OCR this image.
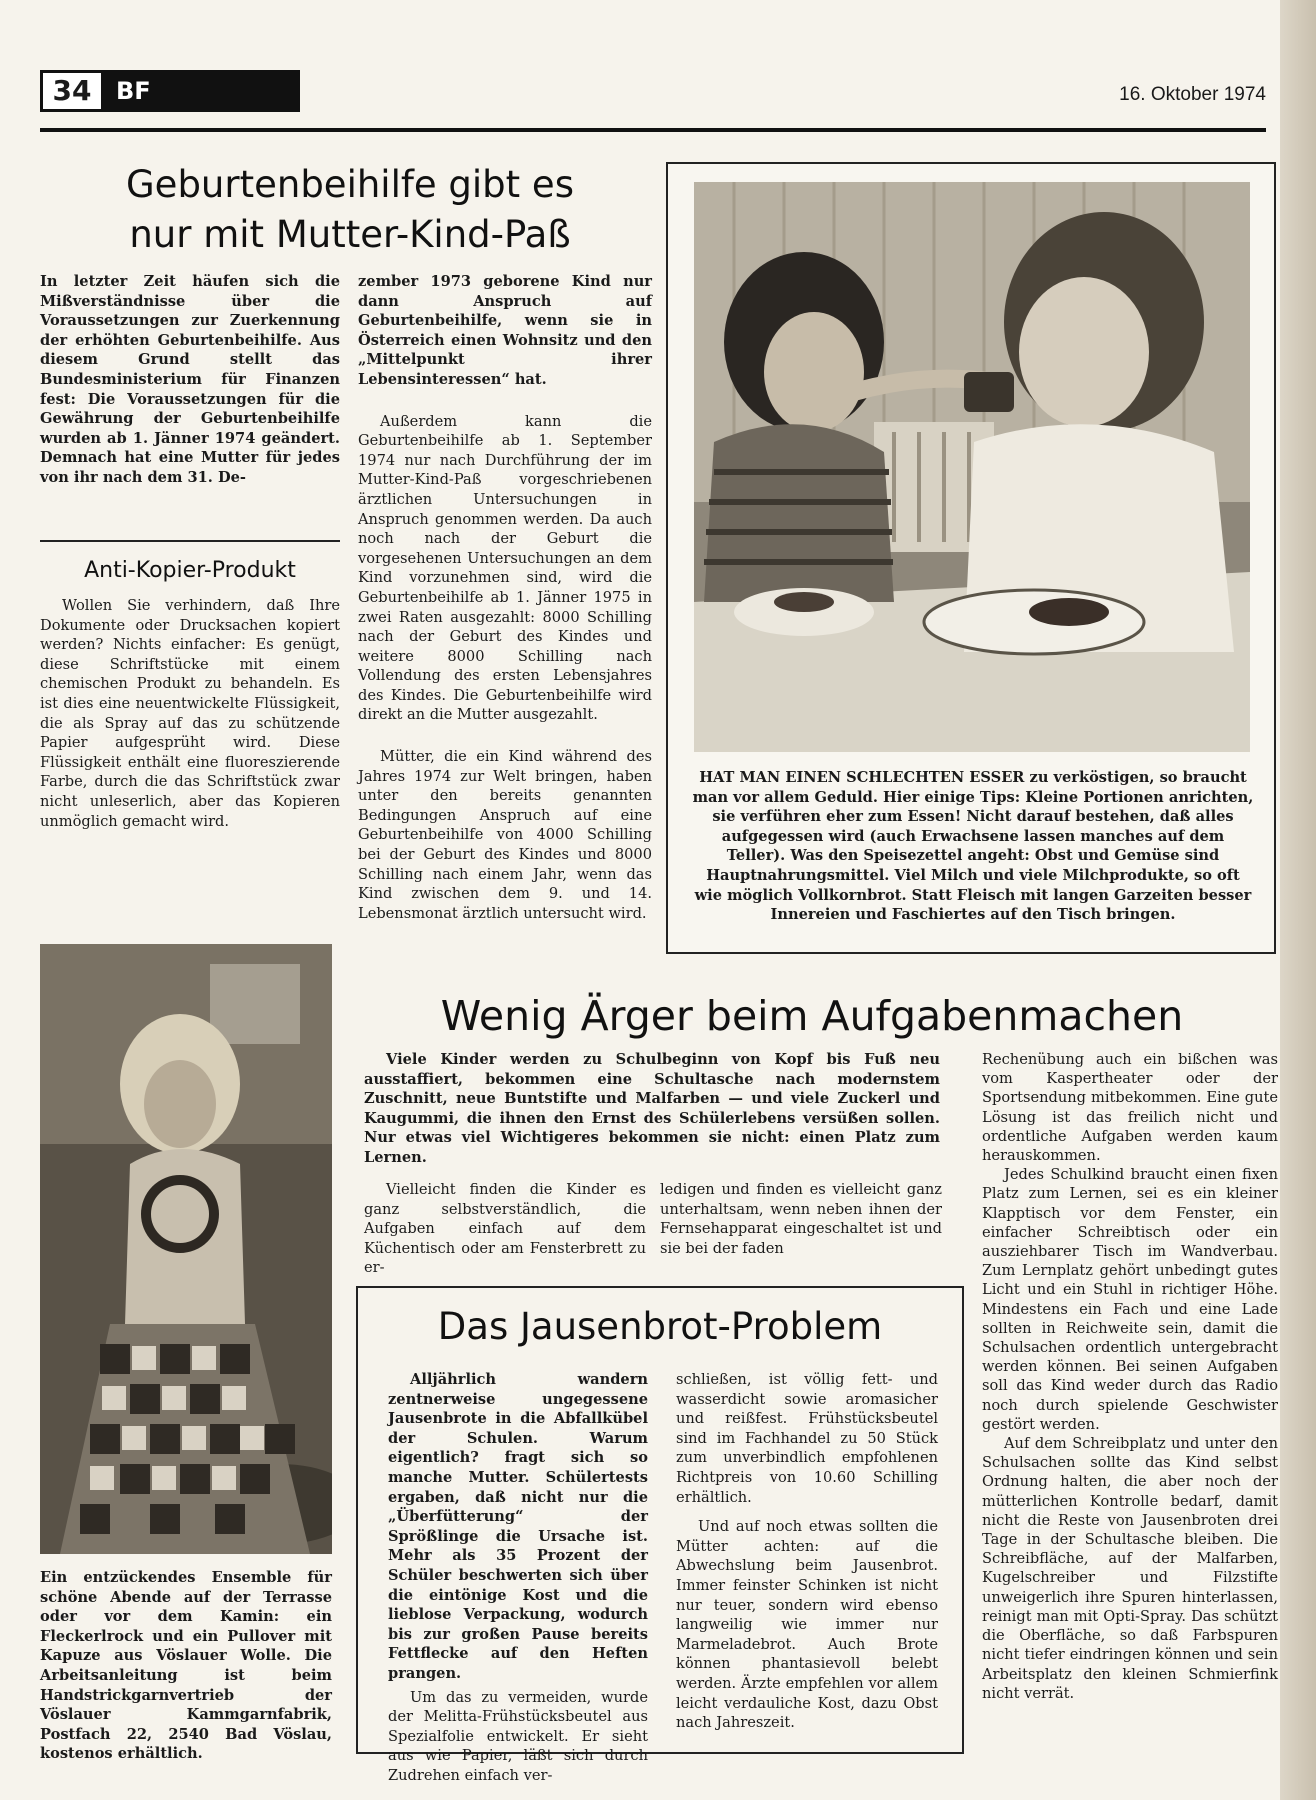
34	BF	16. Oktober 1974
Geburtenbeihilfe gibt es
nur mit Mutter-Kind-Paß
In letzter Zeit häufen sich die Mißverständnisse über die Voraussetzungen zur Zuerkennung der erhöhten Geburtenbeihilfe. Aus diesem Grund stellt das Bundesministerium für Finanzen fest: Die Voraussetzungen für die Gewährung der Geburtenbeihilfe wurden ab 1. Jänner 1974 geändert. Demnach hat eine Mutter für jedes von ihr nach dem 31. De-

zember 1973 geborene Kind nur dann Anspruch auf Geburtenbeihilfe, wenn sie in Österreich einen Wohnsitz und den „Mittelpunkt ihrer Lebensinteressen“ hat.

Außerdem kann die Geburtenbeihilfe ab 1. September 1974 nur nach Durchführung der im Mutter-Kind-Paß vorgeschriebenen ärztlichen Untersuchungen in Anspruch genommen werden. Da auch noch nach der Geburt die vorgesehenen Untersuchungen an dem Kind vorzunehmen sind, wird die Geburtenbeihilfe ab 1. Jänner 1975 in zwei Raten ausgezahlt: 8000 Schilling nach der Geburt des Kindes und weitere 8000 Schilling nach Vollendung des ersten Lebensjahres des Kindes. Die Geburtenbeihilfe wird direkt an die Mutter ausgezahlt.

Mütter, die ein Kind während des Jahres 1974 zur Welt bringen, haben unter den bereits genannten Bedingungen Anspruch auf eine Geburtenbeihilfe von 4000 Schilling bei der Geburt des Kindes und 8000 Schilling nach einem Jahr, wenn das Kind zwischen dem 9. und 14. Lebensmonat ärztlich untersucht wird.

Anti-Kopier-Produkt
Wollen Sie verhindern, daß Ihre Dokumente oder Drucksachen kopiert werden? Nichts einfacher: Es genügt, diese Schriftstücke mit einem chemischen Produkt zu behandeln. Es ist dies eine neuentwickelte Flüssigkeit, die als Spray auf das zu schützende Papier aufgesprüht wird. Diese Flüssigkeit enthält eine fluoreszierende Farbe, durch die das Schriftstück zwar nicht unleserlich, aber das Kopieren unmöglich gemacht wird.
HAT MAN EINEN SCHLECHTEN ESSER zu verköstigen, so braucht man vor allem Geduld. Hier einige Tips: Kleine Portionen anrichten, sie verführen eher zum Essen! Nicht darauf bestehen, daß alles aufgegessen wird (auch Erwachsene lassen manches auf dem Teller). Was den Speisezettel angeht: Obst und Gemüse sind Hauptnahrungsmittel. Viel Milch und viele Milchprodukte, so oft wie möglich Vollkornbrot. Statt Fleisch mit langen Garzeiten besser Innereien und Faschiertes auf den Tisch bringen.
Ein entzückendes Ensemble für schöne Abende auf der Terrasse oder vor dem Kamin: ein Fleckerlrock und ein Pullover mit Kapuze aus Vöslauer Wolle. Die Arbeitsanleitung ist beim Handstrickgarnvertrieb der Vöslauer Kammgarnfabrik, Postfach 22, 2540 Bad Vöslau, kostenos erhältlich.
Wenig Ärger beim Aufgabenmachen
Viele Kinder werden zu Schulbeginn von Kopf bis Fuß neu ausstaffiert, bekommen eine Schultasche nach modernstem Zuschnitt, neue Buntstifte und Malfarben — und viele Zuckerl und Kaugummi, die ihnen den Ernst des Schülerlebens versüßen sollen. Nur etwas viel Wichtigeres bekommen sie nicht: einen Platz zum Lernen.
Vielleicht finden die Kinder es ganz selbstverständlich, die Aufgaben einfach auf dem Küchentisch oder am Fensterbrett zu er-
ledigen und finden es vielleicht ganz unterhaltsam, wenn neben ihnen der Fernsehapparat eingeschaltet ist und sie bei der faden

Rechenübung auch ein bißchen was vom Kaspertheater oder der Sportsendung mitbekommen. Eine gute Lösung ist das freilich nicht und ordentliche Aufgaben werden kaum herauskommen.

Jedes Schulkind braucht einen fixen Platz zum Lernen, sei es ein kleiner Klapptisch vor dem Fenster, ein einfacher Schreibtisch oder ein ausziehbarer Tisch im Wandverbau. Zum Lernplatz gehört unbedingt gutes Licht und ein Stuhl in richtiger Höhe. Mindestens ein Fach und eine Lade sollten in Reichweite sein, damit die Schulsachen ordentlich untergebracht werden können. Bei seinen Aufgaben soll das Kind weder durch das Radio noch durch spielende Geschwister gestört werden.

Auf dem Schreibplatz und unter den Schulsachen sollte das Kind selbst Ordnung halten, die aber noch der mütterlichen Kontrolle bedarf, damit nicht die Reste von Jausenbroten drei Tage in der Schultasche bleiben. Die Schreibfläche, auf der Malfarben, Kugelschreiber und Filzstifte unweigerlich ihre Spuren hinterlassen, reinigt man mit Opti-Spray. Das schützt die Oberfläche, so daß Farbspuren nicht tiefer eindringen können und sein Arbeitsplatz den kleinen Schmierfink nicht verrät.

Das Jausenbrot-Problem

Alljährlich wandern zentnerweise ungegessene Jausenbrote in die Abfallkübel der Schulen. Warum eigentlich? fragt sich so manche Mutter. Schülertests ergaben, daß nicht nur die „Überfütterung“ der Sprößlinge die Ursache ist. Mehr als 35 Prozent der Schüler beschwerten sich über die eintönige Kost und die lieblose Verpackung, wodurch bis zur großen Pause bereits Fettflecke auf den Heften prangen.

Um das zu vermeiden, wurde der Melitta-Frühstücksbeutel aus Spezialfolie entwickelt. Er sieht aus wie Papier, läßt sich durch Zudrehen einfach ver-

schließen, ist völlig fett- und wasserdicht sowie aromasicher und reißfest. Frühstücksbeutel sind im Fachhandel zu 50 Stück zum unverbindlich empfohlenen Richtpreis von 10.60 Schilling erhältlich.

Und auf noch etwas sollten die Mütter achten: auf die Abwechslung beim Jausenbrot. Immer feinster Schinken ist nicht nur teuer, sondern wird ebenso langweilig wie immer nur Marmeladebrot. Auch Brote können phantasievoll belebt werden. Ärzte empfehlen vor allem leicht verdauliche Kost, dazu Obst nach Jahreszeit.
